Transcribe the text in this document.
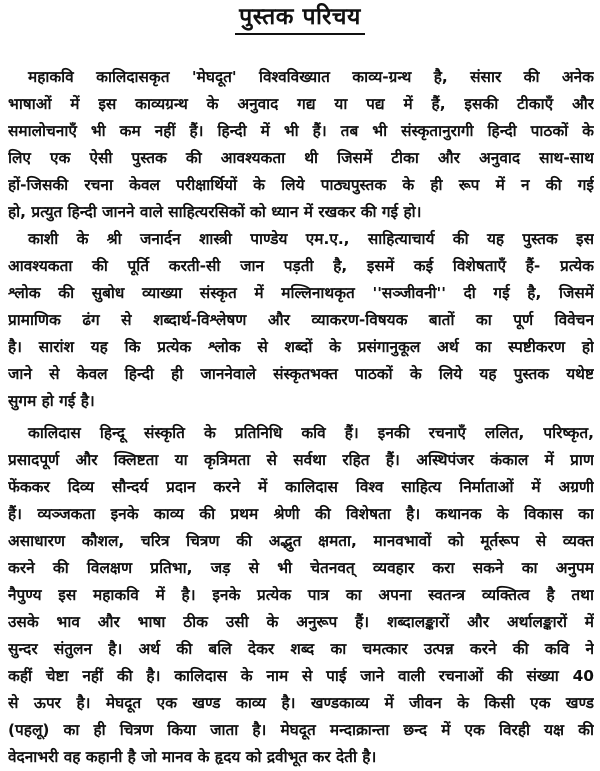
पुस्तक परिचय
महाकवि कालिदासकृत 'मेघदूत' विश्वविख्यात काव्य-ग्रन्थ है, संसार की अनेक
भाषाओं में इस काव्यग्रन्थ के अनुवाद गद्य या पद्य में हैं, इसकी टीकाएँ और
समालोचनाएँ भी कम नहीं हैं। हिन्दी में भी हैं। तब भी संस्कृतानुरागी हिन्दी पाठकों के
लिए एक ऐसी पुस्तक की आवश्यकता थी जिसमें टीका और अनुवाद साथ-साथ
हों-जिसकी रचना केवल परीक्षार्थियों के लिये पाठ्यपुस्तक के ही रूप में न की गई
हो, प्रत्युत हिन्दी जानने वाले साहित्यरसिकों को ध्यान में रखकर की गई हो।
काशी के श्री जनार्दन शास्त्री पाण्डेय एम.ए., साहित्याचार्य की यह पुस्तक इस
आवश्यकता की पूर्ति करती-सी जान पड़ती है, इसमें कई विशेषताएँ हैं- प्रत्येक
श्लोक की सुबोध व्याख्या संस्कृत में मल्लिनाथकृत ''सञ्जीवनी'' दी गई है, जिसमें
प्रामाणिक ढंग से शब्दार्थ-विश्लेषण और व्याकरण-विषयक बातों का पूर्ण विवेचन
है। सारांश यह कि प्रत्येक श्लोक से शब्दों के प्रसंगानुकूल अर्थ का स्पष्टीकरण हो
जाने से केवल हिन्दी ही जाननेवाले संस्कृतभक्त पाठकों के लिये यह पुस्तक यथेष्ट
सुगम हो गई है।
कालिदास हिन्दू संस्कृति के प्रतिनिधि कवि हैं। इनकी रचनाएँ ललित, परिष्कृत,
प्रसादपूर्ण और क्लिष्टता या कृत्रिमता से सर्वथा रहित हैं। अस्थिपंजर कंकाल में प्राण
फेंककर दिव्य सौन्दर्य प्रदान करने में कालिदास विश्व साहित्य निर्माताओं में अग्रणी
हैं। व्यञ्जकता इनके काव्य की प्रथम श्रेणी की विशेषता है। कथानक के विकास का
असाधारण कौशल, चरित्र चित्रण की अद्भुत क्षमता, मानवभावों को मूर्तरूप से व्यक्त
करने की विलक्षण प्रतिभा, जड़ से भी चेतनवत् व्यवहार करा सकने का अनुपम
नैपुण्य इस महाकवि में है। इनके प्रत्येक पात्र का अपना स्वतन्त्र व्यक्तित्व है तथा
उसके भाव और भाषा ठीक उसी के अनुरूप हैं। शब्दालङ्कारों और अर्थालङ्कारों में
सुन्दर संतुलन है। अर्थ की बलि देकर शब्द का चमत्कार उत्पन्न करने की कवि ने
कहीं चेष्टा नहीं की है। कालिदास के नाम से पाई जाने वाली रचनाओं की संख्या 40
से ऊपर है। मेघदूत एक खण्ड काव्य है। खण्डकाव्य में जीवन के किसी एक खण्ड
(पहलू) का ही चित्रण किया जाता है। मेघदूत मन्दाक्रान्ता छन्द में एक विरही यक्ष की
वेदनाभरी वह कहानी है जो मानव के हृदय को द्रवीभूत कर देती है।
